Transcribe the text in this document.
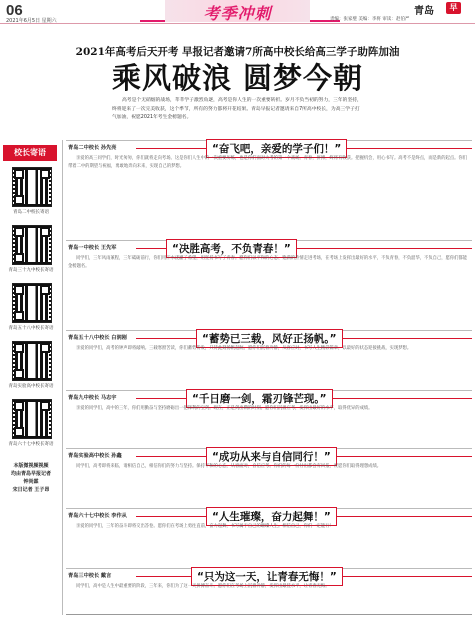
06
2021年6月5日 星期六	考季冲刺	责编：张家璧 美编：李将 审读：赵伯严
青岛	早
2021年高考后天开考 早报记者邀请7所高中校长给高三学子助阵加油
乘风破浪 圆梦今朝
高考是个无硝烟的战场，莘莘学子激烈角逐，高考是你人生的一次重要转折。岁月不负当初的努力，三年的坚持，终将迎来了一次完美收获，这个季节，所有的努力都将开花结果。青岛早报记者邀请来自7所高中校长，为高三学子打气加油，祝愿2021年考生金榜题名。
校长寄语
青岛二中校长寄语
青岛三十九中校长寄语
青岛五十八中校长寄语
青岛实验高中校长寄语
青岛六十七中校长寄语
本版微视频视频
均由青岛早报记者
钟尚霖
宋日记者 王子昂
青岛二中校长 孙先亮	“奋飞吧，亲爱的学子们！”
亲爱的高三同学们，时光匆匆，你们就将走向考场。这是你们人生中的一次重要历练，也是你们面对大考的第一个战场。青春，拼搏，终将有收获。把握机会，用心书写。高考不是终点，而是新的起点。你们带着二中的期望与祝福，勇敢地奔向未来，实现自己的梦想。
青岛一中校长 王先军	“决胜高考，不负青春！”
同学们，三年风雨兼程，三年砥砺前行，你们用汗水浇灌了希望，用坚持书写了青春。愿你们以平和的心态、饱满的热情走进考场，在考场上发挥出最好的水平，不负青春，不负韶华，不负自己，愿你们都能金榜题名。
青岛五十八中校长 白润刚	“蓄势已三载，风好正扬帆。”
亲爱的同学们，高考的钟声即将敲响。三载寒窗苦读，你们蓄势待发，只待此刻扬帆起航。愿你们沉着冷静，从容应对，书写人生精彩篇章，以最好的状态迎接挑战，实现梦想。
青岛九中校长 马志宇	“千日磨一剑，霜刃锋芒现。”
亲爱的同学们，高中的三年，你们用勤奋与坚持磨砺出一把锋利的宝剑。现在，正是剑出鞘的时刻。愿你们沉着应考，发挥出最好的水平，取得优异的成绩。
青岛实验高中校长 孙鑫	“成功从来与自信同行！”
同学们，高考即将来临，请相信自己，相信你们的努力与坚持。保持平和的心态，从容面对，自信应考。你们的每一份付出都会有回报，祝愿你们取得理想成绩。
青岛六十七中校长 李作从	“人生璀璨，奋力起舞！”
亲爱的同学们，三年的奋斗即将交出答卷。愿你们在考场上勇往直前，奋力起舞，书写属于自己的璀璨人生。相信自己，你们一定能行！
青岛三中校长 戴言	“只为这一天，让青春无悔！”
同学们，高中是人生中最重要的阶段，三年来，你们为了这一天拼搏奋斗。愿你们在考场上沉着冷静，发挥出最佳水平，让青春无悔。
